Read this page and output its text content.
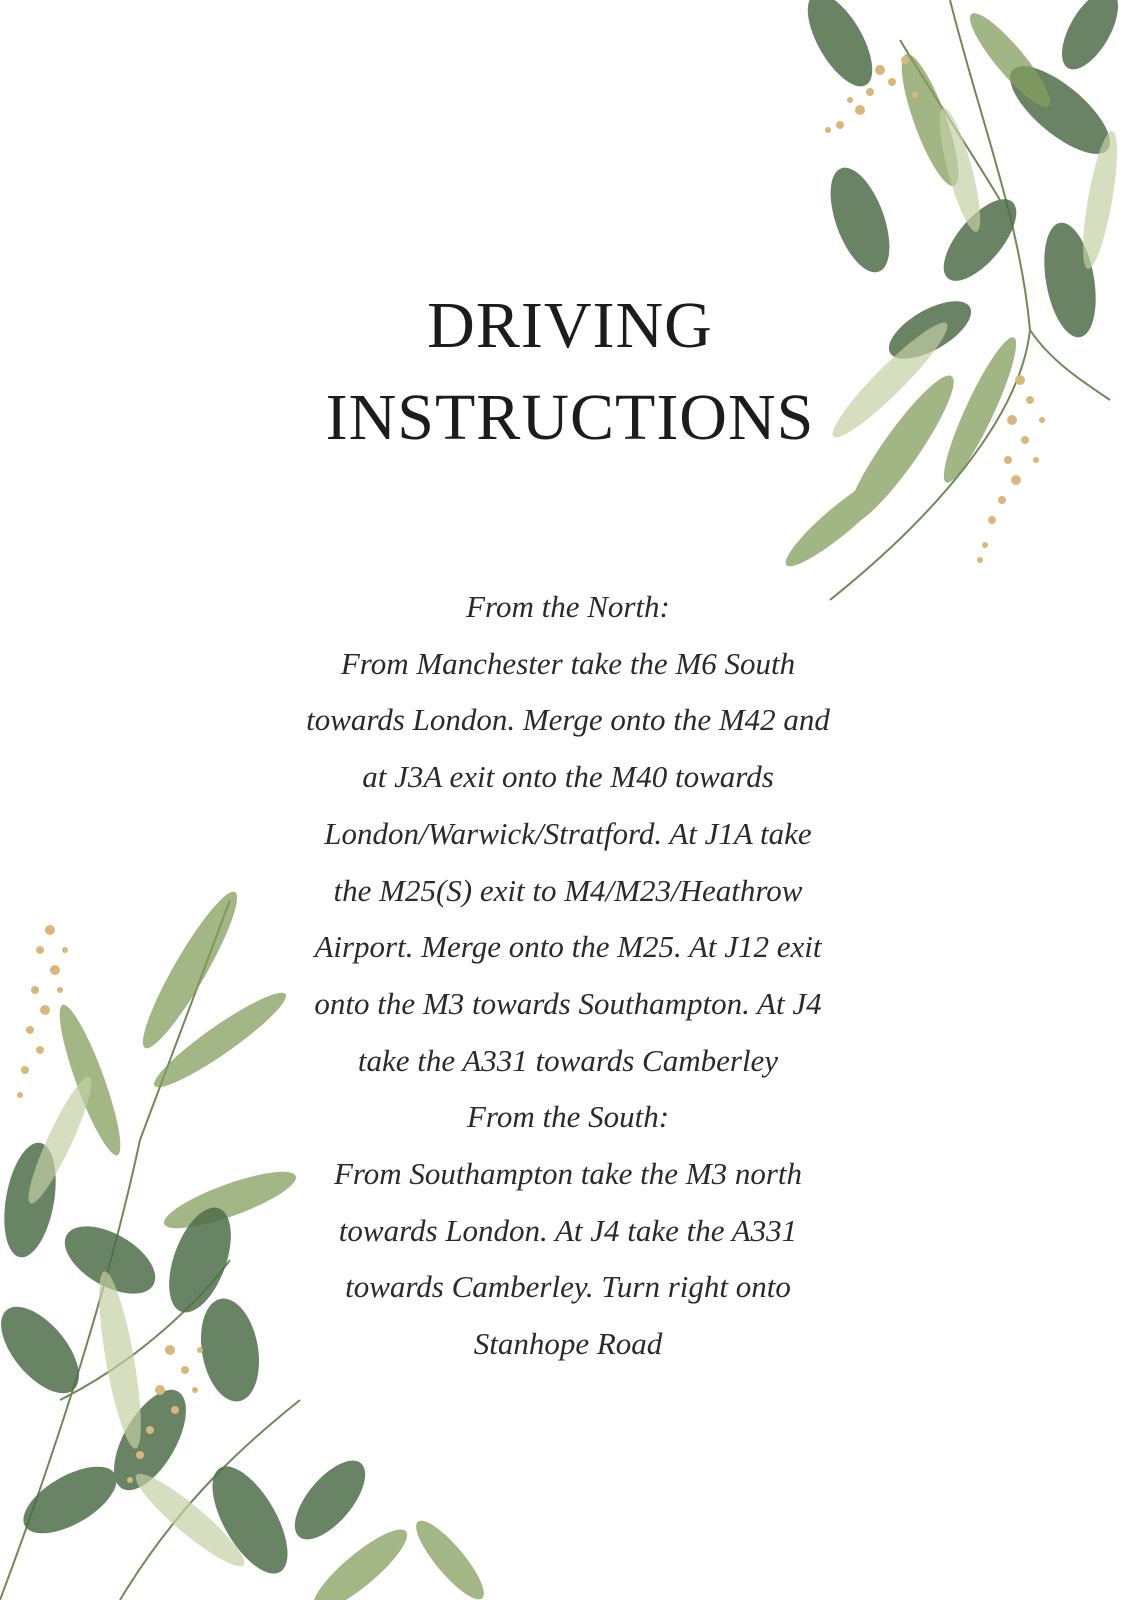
DRIVING
INSTRUCTIONS

From the North:

From Manchester take the M6 South

towards London. Merge onto the M42 and

at J3A exit onto the M40 towards

London/Warwick/Stratford. At J1A take

the M25(S) exit to M4/M23/Heathrow

Airport. Merge onto the M25. At J12 exit

onto the M3 towards Southampton. At J4

take the A331 towards Camberley

From the South:

From Southampton take the M3 north

towards London. At J4 take the A331

towards Camberley. Turn right onto

Stanhope Road
